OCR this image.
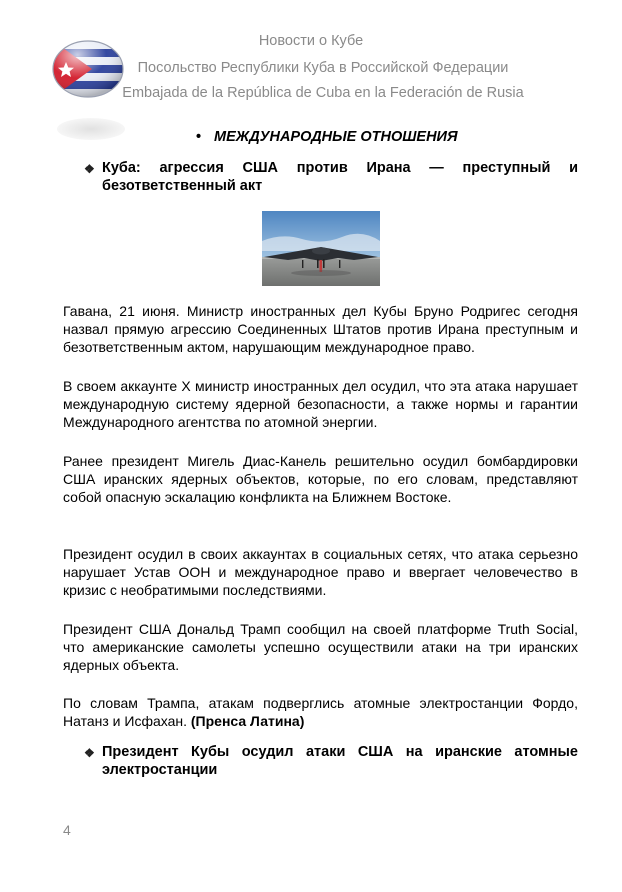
Новости о Кубе
Посольство Республики Куба в Российской Федерации
Embajada de la República de Cuba en la Federación de Rusia
• МЕЖДУНАРОДНЫЕ ОТНОШЕНИЯ
❖ Куба: агрессия США против Ирана — преступный и безответственный акт
Гавана, 21 июня. Министр иностранных дел Кубы Бруно Родригес сегодня назвал прямую агрессию Соединенных Штатов против Ирана преступным и безответственным актом, нарушающим международное право.
В своем аккаунте X министр иностранных дел осудил, что эта атака нарушает международную систему ядерной безопасности, а также нормы и гарантии Международного агентства по атомной энергии.
Ранее президент Мигель Диас-Канель решительно осудил бомбардировки США иранских ядерных объектов, которые, по его словам, представляют собой опасную эскалацию конфликта на Ближнем Востоке.
Президент осудил в своих аккаунтах в социальных сетях, что атака серьезно нарушает Устав ООН и международное право и ввергает человечество в кризис с необратимыми последствиями.
Президент США Дональд Трамп сообщил на своей платформе Truth Social, что американские самолеты успешно осуществили атаки на три иранских ядерных объекта.
По словам Трампа, атакам подверглись атомные электростанции Фордо, Натанз и Исфахан. (Пренса Латина)
❖ Президент Кубы осудил атаки США на иранские атомные электростанции
4
